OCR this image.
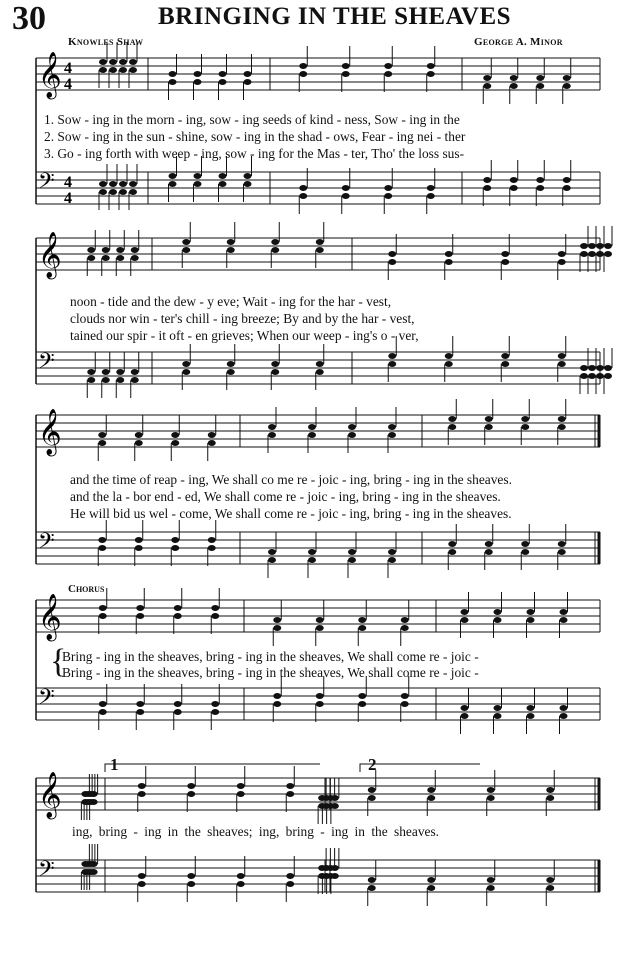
30	BRINGING IN THE SHEAVES
Knowles Shaw	George A. Minor
𝄞 4
4
𝄢 4
4
𝄞
𝄢
𝄞
𝄢
𝄞
𝄢
𝄞
𝄢
1. Sow - ing in the morn - ing, sow - ing seeds of kind - ness, Sow - ing in the
2. Sow - ing in the sun - shine, sow - ing in the shad - ows, Fear - ing nei - ther
3. Go - ing forth with weep - ing, sow - ing for the Mas - ter, Tho' the loss sus-
noon - tide and the dew - y eve; Wait - ing for the har - vest,
clouds nor win - ter's chill - ing breeze; By and by the har - vest,
tained our spir - it oft - en grieves; When our weep - ing's o - ver,
and the time of reap - ing, We shall co me re - joic - ing, bring - ing in the sheaves.
and the la - bor end - ed, We shall come re - joic - ing, bring - ing in the sheaves.
He will bid us wel - come, We shall come re - joic - ing, bring - ing in the sheaves.
Chorus
{
Bring - ing in the sheaves, bring - ing in the sheaves, We shall come re - joic -
Bring - ing in the sheaves, bring - ing in the sheaves, We shall come re - joic -
1	2
ing, bring - ing in the sheaves; ing, bring - ing in the sheaves.
